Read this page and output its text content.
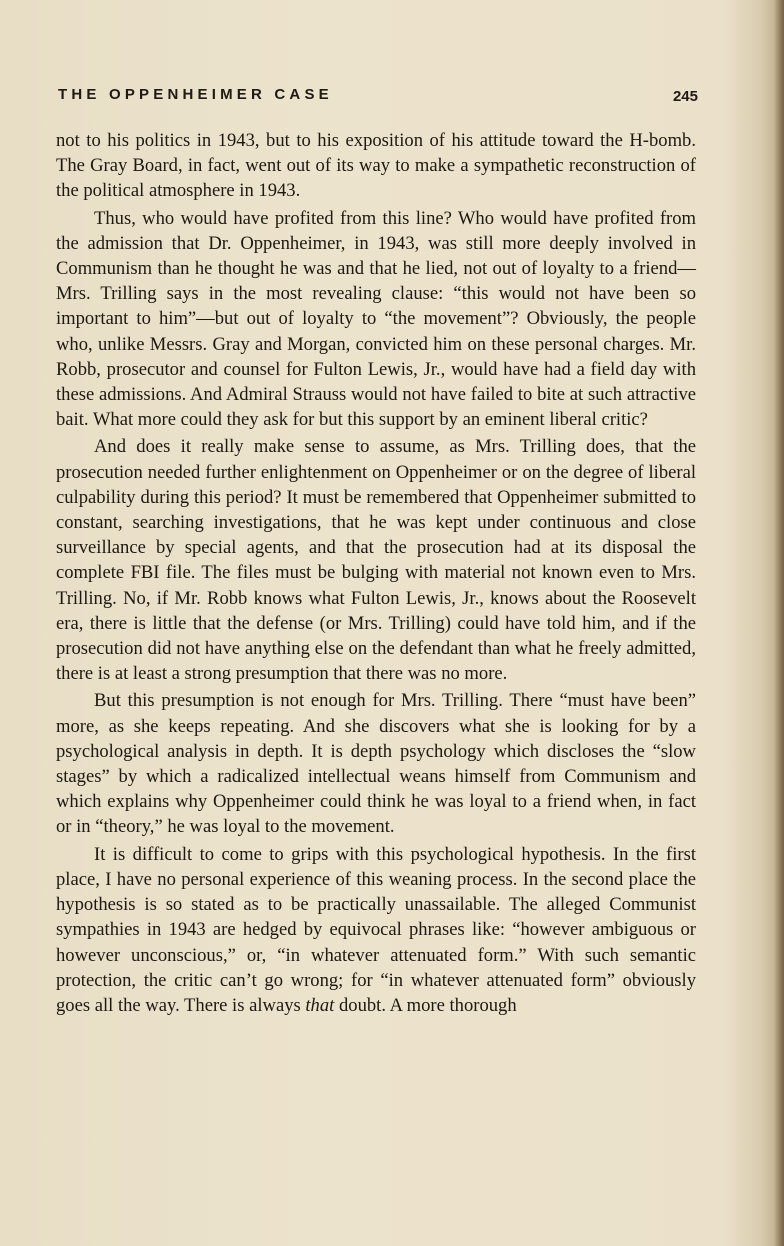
THE OPPENHEIMER CASE	245

not to his politics in 1943, but to his exposition of his attitude toward the H-bomb. The Gray Board, in fact, went out of its way to make a sympathetic reconstruction of the political atmosphere in 1943.

Thus, who would have profited from this line? Who would have profited from the admission that Dr. Oppenheimer, in 1943, was still more deeply involved in Communism than he thought he was and that he lied, not out of loyalty to a friend—Mrs. Trilling says in the most revealing clause: “this would not have been so important to him”—but out of loyalty to “the movement”? Obviously, the people who, unlike Messrs. Gray and Morgan, convicted him on these personal charges. Mr. Robb, prosecutor and counsel for Fulton Lewis, Jr., would have had a field day with these admissions. And Admiral Strauss would not have failed to bite at such attractive bait. What more could they ask for but this support by an eminent liberal critic?

And does it really make sense to assume, as Mrs. Trilling does, that the prosecution needed further enlightenment on Oppenheimer or on the degree of liberal culpability during this period? It must be remembered that Oppenheimer submitted to constant, searching investigations, that he was kept under continuous and close surveillance by special agents, and that the prosecution had at its disposal the complete FBI file. The files must be bulging with material not known even to Mrs. Trilling. No, if Mr. Robb knows what Fulton Lewis, Jr., knows about the Roosevelt era, there is little that the defense (or Mrs. Trilling) could have told him, and if the prosecution did not have anything else on the defendant than what he freely admitted, there is at least a strong presumption that there was no more.

But this presumption is not enough for Mrs. Trilling. There “must have been” more, as she keeps repeating. And she discovers what she is looking for by a psychological analysis in depth. It is depth psychology which discloses the “slow stages” by which a radicalized intellectual weans himself from Communism and which explains why Oppenheimer could think he was loyal to a friend when, in fact or in “theory,” he was loyal to the movement.

It is difficult to come to grips with this psychological hypothesis. In the first place, I have no personal experience of this weaning process. In the second place the hypothesis is so stated as to be practically unassailable. The alleged Communist sympathies in 1943 are hedged by equivocal phrases like: “however ambiguous or however unconscious,” or, “in whatever attenuated form.” With such semantic protection, the critic can’t go wrong; for “in whatever attenuated form” obviously goes all the way. There is always that doubt. A more thorough
